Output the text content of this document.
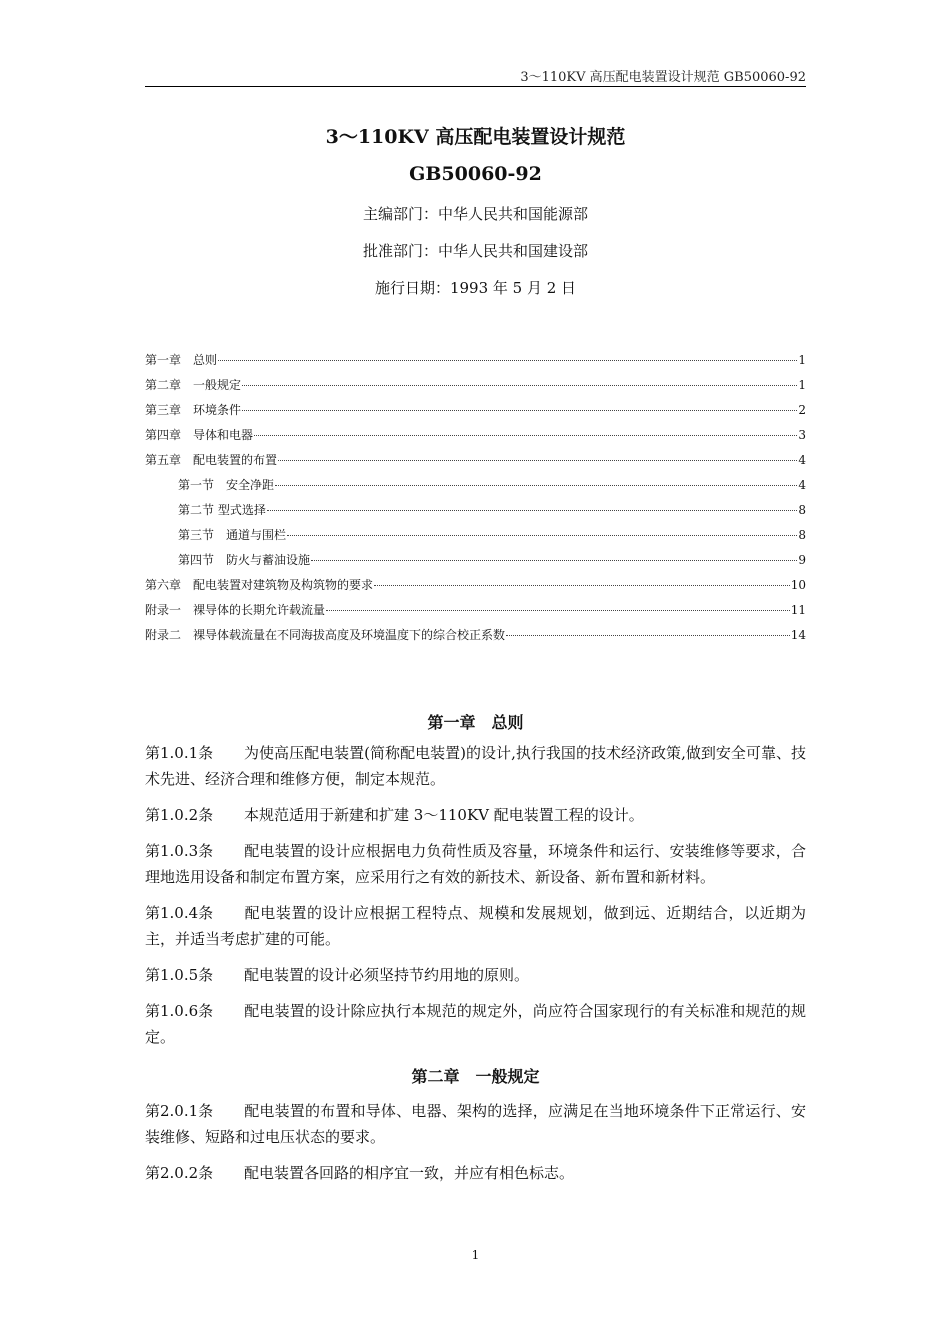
3～110KV 高压配电装置设计规范 GB50060-92
3～110KV 高压配电装置设计规范
GB50060-92
主编部门：中华人民共和国能源部
批准部门：中华人民共和国建设部
施行日期：1993 年 5 月 2 日
第一章　总则	1
第二章　一般规定	1
第三章　环境条件	2
第四章　导体和电器	3
第五章　配电装置的布置	4
第一节　安全净距	4
第二节 型式选择	8
第三节　通道与围栏	8
第四节　防火与蓄油设施	9
第六章　配电装置对建筑物及构筑物的要求	10
附录一　裸导体的长期允许载流量	11
附录二　裸导体载流量在不同海拔高度及环境温度下的综合校正系数	14
第一章　总则

第1.0.1条 为使高压配电装置(简称配电装置)的设计,执行我国的技术经济政策,做到安全可靠、技术先进、经济合理和维修方便，制定本规范。

第1.0.2条 本规范适用于新建和扩建 3～110KV 配电装置工程的设计。

第1.0.3条 配电装置的设计应根据电力负荷性质及容量，环境条件和运行、安装维修等要求，合理地选用设备和制定布置方案，应采用行之有效的新技术、新设备、新布置和新材料。

第1.0.4条 配电装置的设计应根据工程特点、规模和发展规划，做到远、近期结合，以近期为主，并适当考虑扩建的可能。

第1.0.5条 配电装置的设计必须坚持节约用地的原则。

第1.0.6条 配电装置的设计除应执行本规范的规定外，尚应符合国家现行的有关标准和规范的规定。

第二章　一般规定

第2.0.1条 配电装置的布置和导体、电器、架构的选择，应满足在当地环境条件下正常运行、安装维修、短路和过电压状态的要求。

第2.0.2条 配电装置各回路的相序宜一致，并应有相色标志。

1
